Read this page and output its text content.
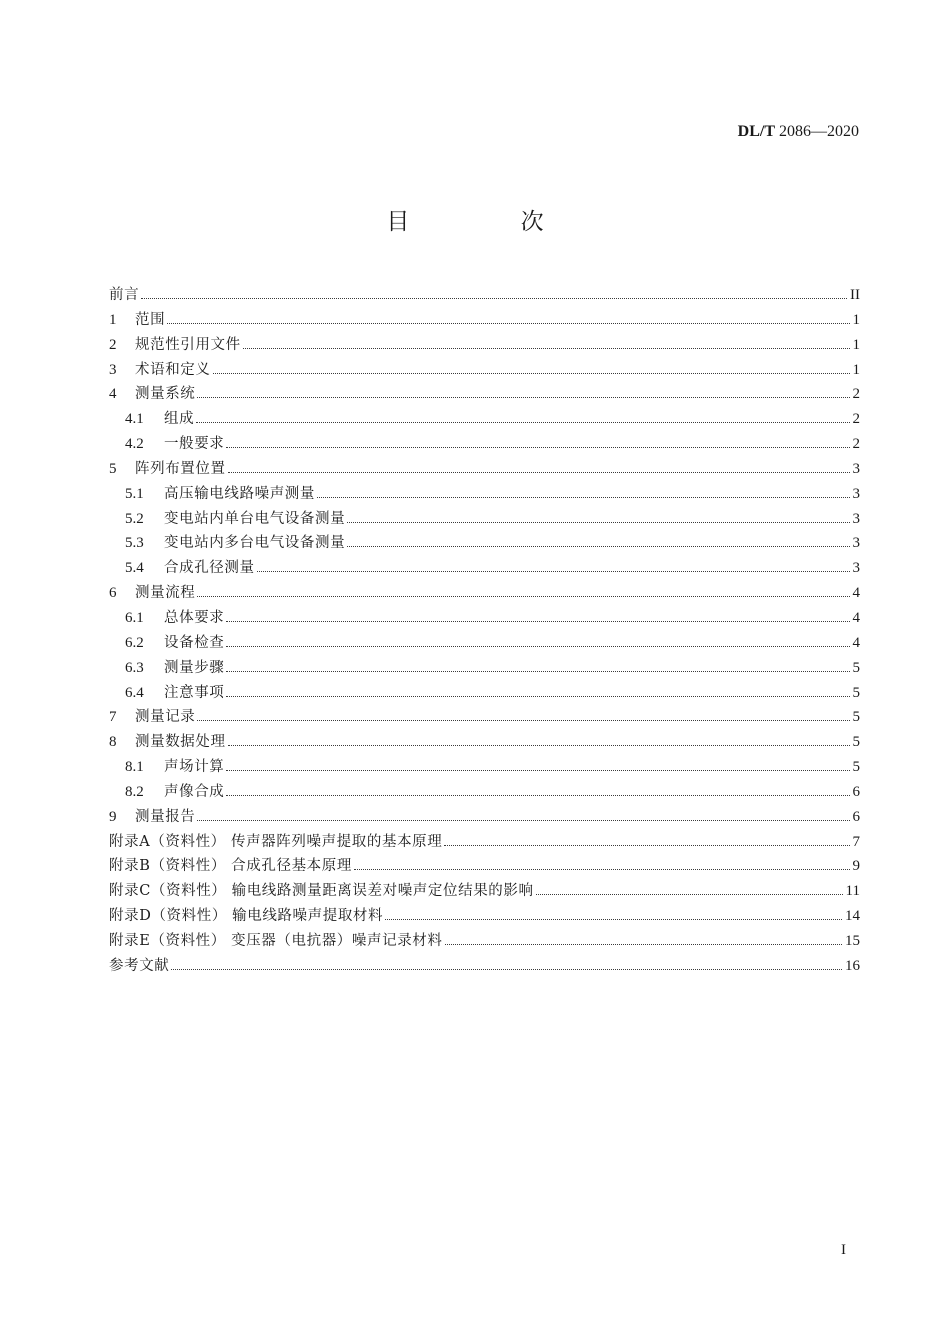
DL/T 2086—2020
目 次
前言	II
1	范围	1
2	规范性引用文件	1
3	术语和定义	1
4	测量系统	2
4.1	组成	2
4.2	一般要求	2
5	阵列布置位置	3
5.1	高压输电线路噪声测量	3
5.2	变电站内单台电气设备测量	3
5.3	变电站内多台电气设备测量	3
5.4	合成孔径测量	3
6	测量流程	4
6.1	总体要求	4
6.2	设备检查	4
6.3	测量步骤	5
6.4	注意事项	5
7	测量记录	5
8	测量数据处理	5
8.1	声场计算	5
8.2	声像合成	6
9	测量报告	6
附录A（资料性） 传声器阵列噪声提取的基本原理	7
附录B（资料性） 合成孔径基本原理	9
附录C（资料性） 输电线路测量距离误差对噪声定位结果的影响	11
附录D（资料性） 输电线路噪声提取材料	14
附录E（资料性） 变压器（电抗器）噪声记录材料	15
参考文献	16
I
